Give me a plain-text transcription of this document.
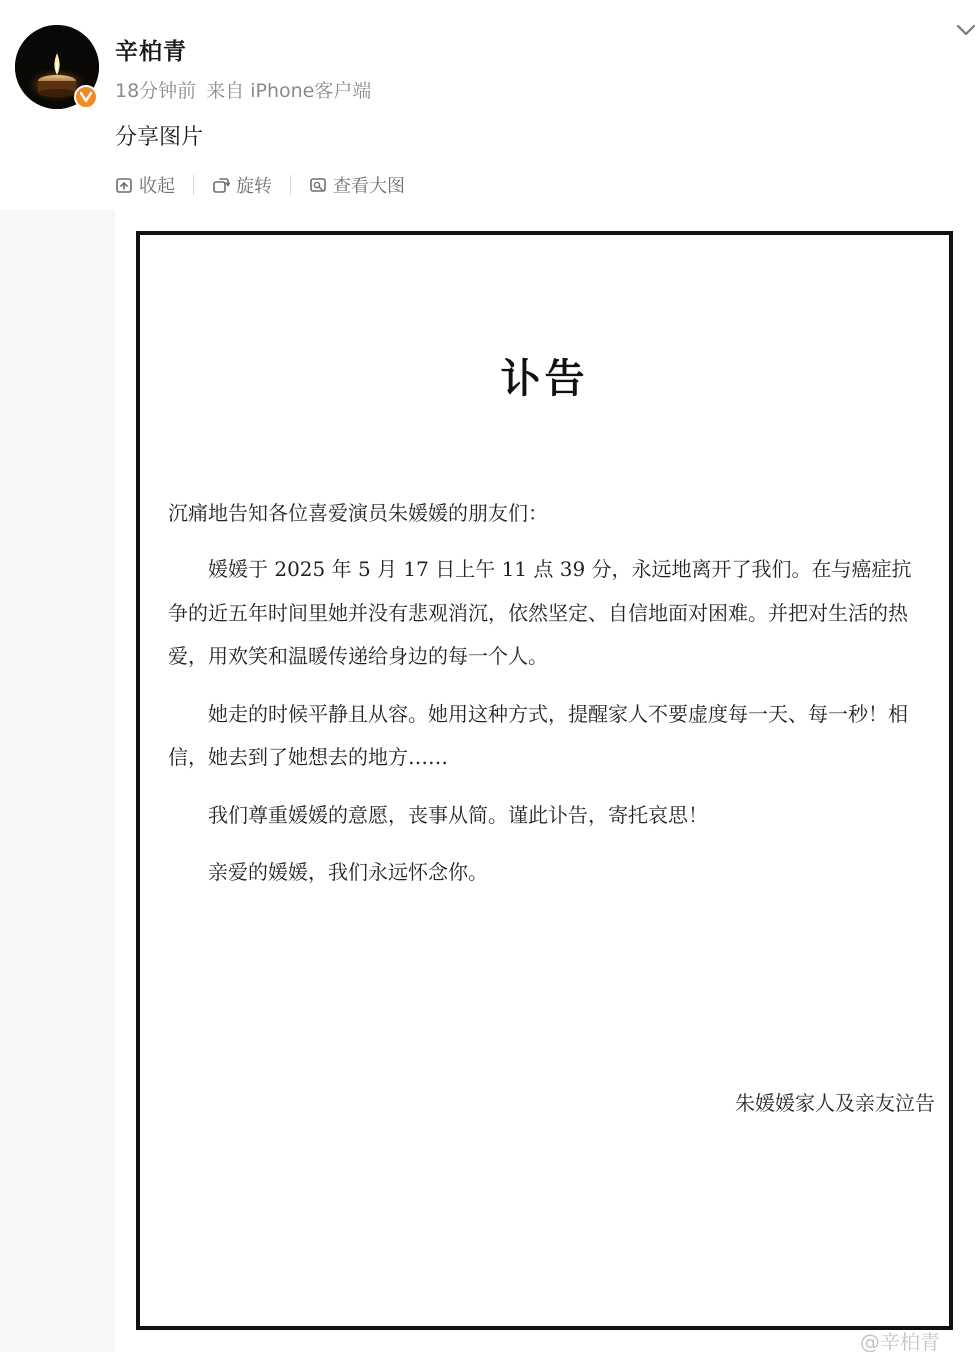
辛柏青
18分钟前 来自 iPhone客户端
分享图片
收起	旋转	查看大图
讣告
沉痛地告知各位喜爱演员朱媛媛的朋友们：

媛媛于 2025 年 5 月 17 日上午 11 点 39 分，永远地离开了我们。在与癌症抗争的近五年时间里她并没有悲观消沉，依然坚定、自信地面对困难。并把对生活的热爱，用欢笑和温暖传递给身边的每一个人。

她走的时候平静且从容。她用这种方式，提醒家人不要虚度每一天、每一秒！相信，她去到了她想去的地方……

我们尊重媛媛的意愿，丧事从简。谨此讣告，寄托哀思！

亲爱的媛媛，我们永远怀念你。

朱媛媛家人及亲友泣告
@辛柏青
